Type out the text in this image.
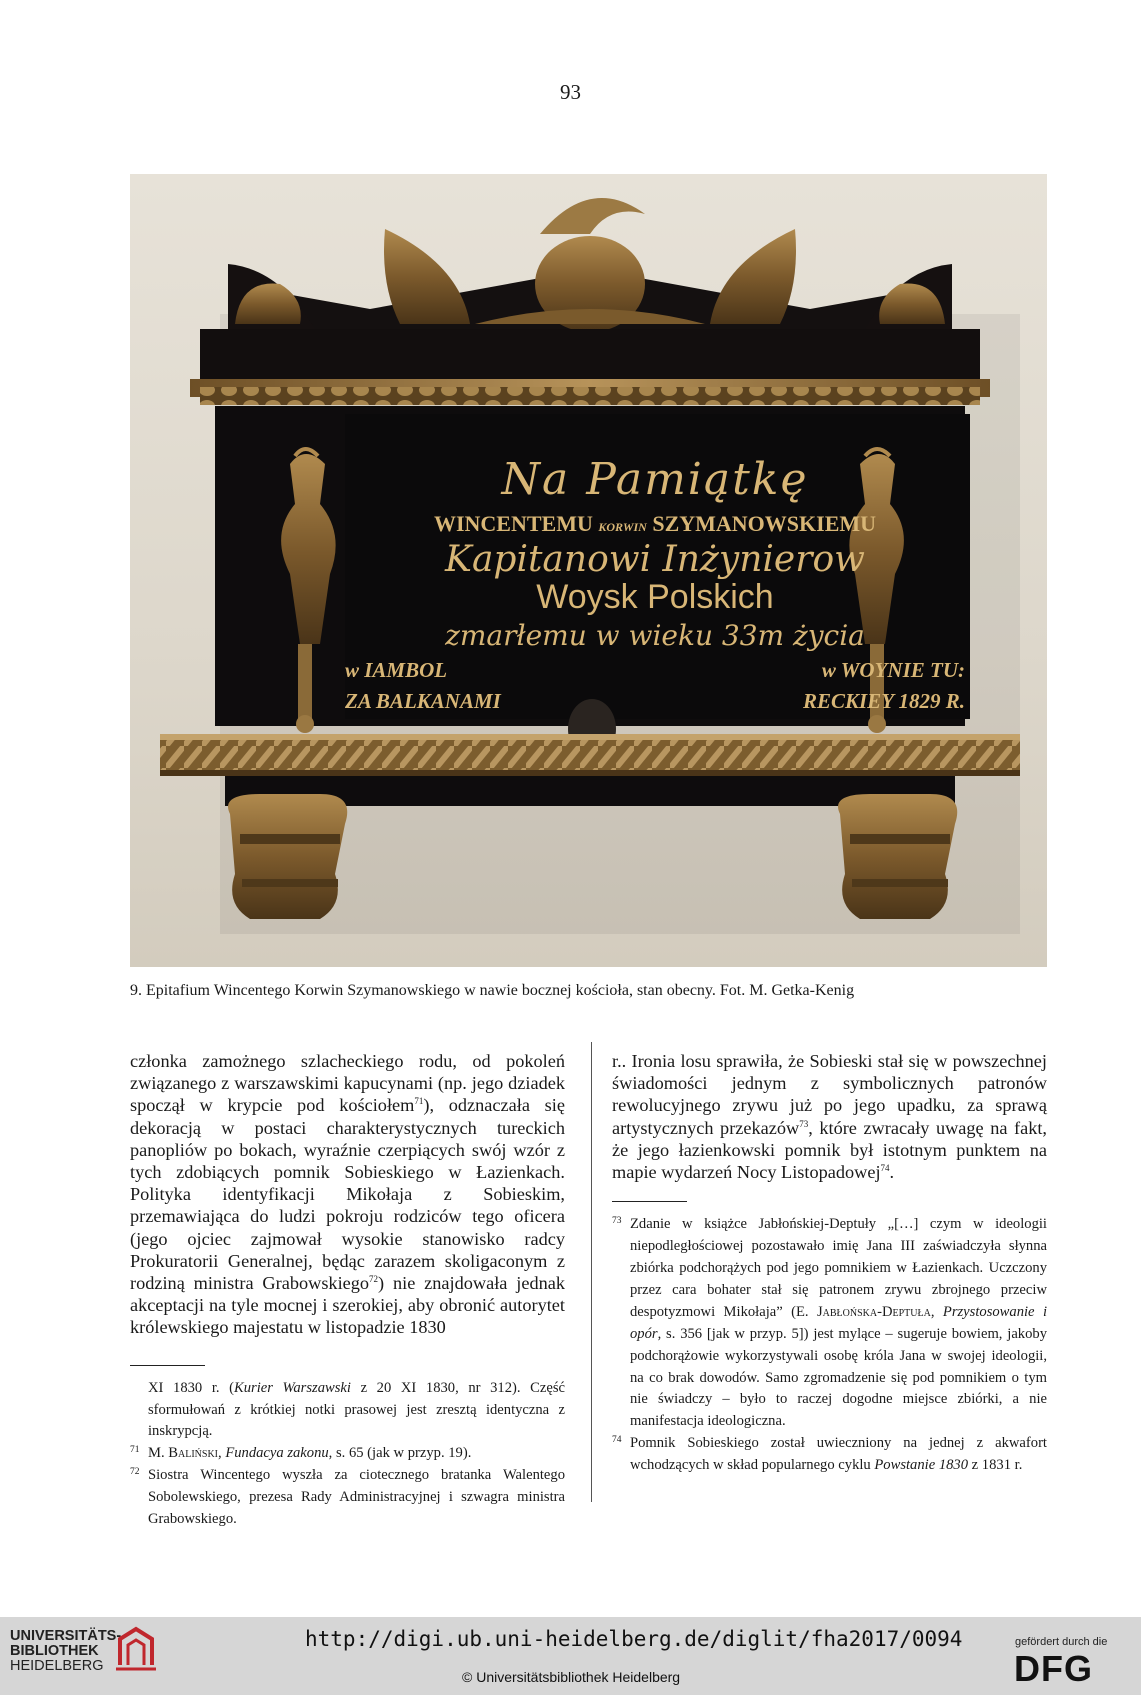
93
Na Pamiątkę
WINCENTEMU KORWIN SZYMANOWSKIEMU
Kapitanowi Inżynierow
Woysk Polskich
zmarłemu w wieku 33m życia
w IAMBOL	w WOYNIE TU:
ZA BALKANAMI	RECKIEY 1829 R.
9. Epitafium Wincentego Korwin Szymanowskiego w nawie bocznej kościoła, stan obecny. Fot. M. Getka-Kenig

członka zamożnego szlacheckiego rodu, od pokoleń związanego z warszawskimi kapucynami (np. jego dziadek spoczął w krypcie pod kościołem$^{71}$), odznaczała się dekoracją w postaci charakterystycznych tureckich panopliów po bokach, wyraźnie czerpiących swój wzór z tych zdobiących pomnik Sobieskiego w Łazienkach. Polityka identyfikacji Mikołaja z Sobieskim, przemawiająca do ludzi pokroju rodziców tego oficera (jego ojciec zajmował wysokie stanowisko radcy Prokuratorii Generalnej, będąc zarazem skoligaconym z rodziną ministra Grabowskiego$^{72}$) nie znajdowała jednak akceptacji na tyle mocnej i szerokiej, aby obronić autorytet królewskiego majestatu w listopadzie 1830

XI 1830 r. (Kurier Warszawski z 20 XI 1830, nr 312). Część sformułowań z krótkiej notki prasowej jest zresztą identyczna z inskrypcją.

71 M. Baliński, Fundacya zakonu, s. 65 (jak w przyp. 19).

72 Siostra Wincentego wyszła za ciotecznego bratanka Walentego Sobolewskiego, prezesa Rady Administracyjnej i szwagra ministra Grabowskiego.

r.. Ironia losu sprawiła, że Sobieski stał się w powszechnej świadomości jednym z symbolicznych patronów rewolucyjnego zrywu już po jego upadku, za sprawą artystycznych przekazów$^{73}$, które zwracały uwagę na fakt, że jego łazienkowski pomnik był istotnym punktem na mapie wydarzeń Nocy Listopadowej$^{74}$.

73 Zdanie w książce Jabłońskiej-Deptuły „[…] czym w ideologii niepodległościowej pozostawało imię Jana III zaświadczyła słynna zbiórka podchorążych pod jego pomnikiem w Łazienkach. Uczczony przez cara bohater stał się patronem zrywu zbrojnego przeciw despotyzmowi Mikołaja” (E. Jabłońska-Deptuła, Przystosowanie i opór, s. 356 [jak w przyp. 5]) jest mylące – sugeruje bowiem, jakoby podchorążowie wykorzystywali osobę króla Jana w swojej ideologii, na co brak dowodów. Samo zgromadzenie się pod pomnikiem o tym nie świadczy – było to raczej dogodne miejsce zbiórki, a nie manifestacja ideologiczna.

74 Pomnik Sobieskiego został uwieczniony na jednej z akwafort wchodzących w skład popularnego cyklu Powstanie 1830 z 1831 r.

UNIVERSITÄTS-
BIBLIOTHEK
HEIDELBERG
http://digi.ub.uni-heidelberg.de/diglit/fha2017/0094
© Universitätsbibliothek Heidelberg
gefördert durch die
DFG
